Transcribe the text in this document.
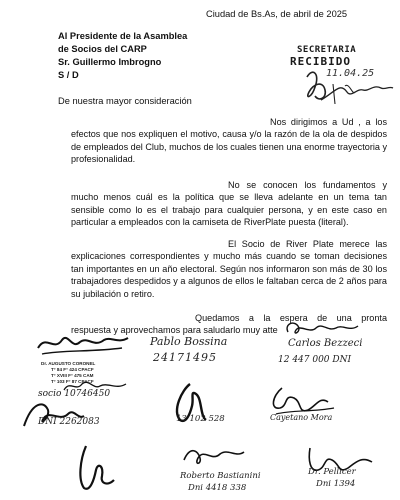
Ciudad de Bs.As, de abril de 2025
Al Presidente de la Asamblea
de Socios del CARP
Sr. Guillermo Imbrogno
S / D
SECRETARIA
RECIBIDO
11.04.25
De nuestra mayor consideración
Nos dirigimos a Ud , a los efectos que nos expliquen el motivo, causa y/o la razón de la ola de despidos de empleados del Club, muchos de los cuales tienen una enorme trayectoria y profesionalidad.
No se conocen los fundamentos y mucho menos cuál es la política que se lleva adelante en un tema tan sensible como lo es el trabajo para cualquier persona, y en este caso en particular a empleados con la camiseta de RiverPlate puesta (literal).
El Socio de River Plate merece las explicaciones correspondientes y mucho más cuando se toman decisiones tan importantes en un año electoral. Según nos informaron son más de 30 los trabajadores despedidos y a algunos de ellos le faltaban cerca de 2 años para su jubilación o retiro.
Quedamos a la espera de una pronta respuesta y aprovechamos para saludarlo muy atte
Dr. AUGUSTO CORONEL
T° 84 F° 424 CPACF
T° XVIII F° 475 CAM
T° 103 F° 87 CPACF
socio 10746450
Pablo Bossina
24171495
Carlos Bezzeci
12 447 000 DNI
13 102 528	Cayetano Mora
DNI 2262083
Roberto Bastianini
Dni 4418 338
Dr. Pellicer
Dni 1394
